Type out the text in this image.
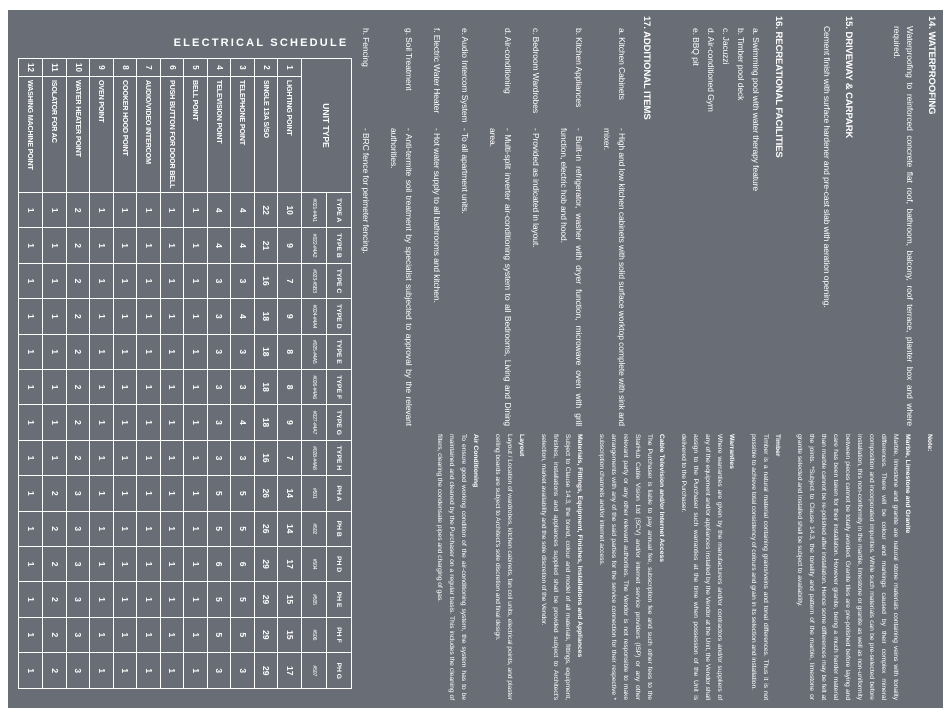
14. WATERPROOFING
Waterproofing to reinforced concrete flat roof, bathroom, balcony, roof terrace, planter box and where required.
15. DRIVEWAY & CARPARK
Cement finish with surface hardener and pre-cast slab with aeration opening.
16. RECREATIONAL FACILITIES
a. Swimming pool with water therapy feature
b. Timber pool deck
c. Jacuzzi
d. Air-conditioned Gym
e. BBQ pit
17. ADDITIONAL ITEMS
a. Kitchen Cabinets
- High and low kitchen cabinets with solid surface worktop complete with sink and mixer.
b. Kitchen Appliances
- Built-in refrigerator, washer with dryer function, microwave oven with grill function, electric hob and hood.
c. Bedroom Wardrobes
- Provided as indicated in layout.
d. Air-conditioning
- Multi-split inverter air-conditioning system to all Bedrooms, Living and Dining area.
e. Audio Intercom System
- To all apartment units.
f. Electric Water Heater
- Hot water supply to all bathrooms and kitchen.
g. Soil Treatment
- Anti-termite soil treatment by specialist subjected to approval by the relevant authorities.
h. Fencing
- BRC fence for perimeter fencing.
Note:
Marble, Limestone and Granite
Marble, limestone and granite are natural stone materials containing veins with tonality differences. There will be colour and markings caused by their complex mineral composition and incorporated impurities. While such materials can be pre-selected before installation, this non-conformity in the marble, limestone or granite as well as non-uniformity between pieces cannot be totally avoided. Granite tiles are pre-polished before laying and care has been taken for their installation. However granite, being a much harder material than marble cannot be re-polished after installation. Hence some differences may be felt at the joints. *Subject to Clause 14.3, the tonality and pattern of the marble, limestone or granite selected and installed shall be subject to availability.
Timber
Timber is a natural material containing grains/veins and tonal differences. Thus it is not possible to achieve total consistency of colours and grain in its selection and installation.
Warranties
Where warranties are given by the manufacturers and/or contractors and/or suppliers of any of the equipment and/or appliances installed by the Vendor at the Unit, the Vendor shall assign to the Purchaser such warranties at the time when possession of the Unit is delivered to the Purchaser.
Cable Television and/or Internet Access
The Purchaser is liable to pay annual fee, subscription fee and such other fees to the StarHub Cable Vision Ltd (SCV) and/or internet service providers (ISP) or any other relevant party or any other relevant authorities. The Vendor is not responsible to make arrangements with any of the said parties for the service connection for their respective * subscription channels and/or internet access.
Materials, Fittings, Equipment, Finishes, Installations and Appliances
Subject to Clause 14.3, the brand, colour and model of all materials, fittings, equipment, finishes, installations and appliances supplied shall be provided subject to Architect's selection, market availability and the sole discretion of the Vendor.
Layout
Layout / Location of wardrobes, kitchen cabinets, fan coil units, electrical points, and plaster ceiling boards are subject to Architect's sole discretion and final design.
Air Conditioning
To ensure good working condition of the air-conditioning system, the system has to be maintained and cleaned by the Purchaser on a regular basis. This includes the cleaning of filters, clearing the condensate pipes and charging of gas.
ELECTRICAL SCHEDULE
UNIT TYPE
TYPE A
#021-#4A1
TYPE B
#022-#4A2
TYPE C
#023-#5B3
TYPE D
#024-#4A4
TYPE E
#025-#4A5
TYPE F
#026-#4A6
TYPE G
#027-#4A7
TYPE H
#028-#4A8
PH A
#501
PH B
#502
PH D
#504
PH E
#505
PH F
#506
PH G
#507
1
LIGHTING POINT
10
9
7
9
8
8
9
7
14
14
17
15
15
17
2
SINGLE 13A S/SO
22
21
16
18
18
18
18
16
26
26
29
29
29
29
3
TELEPHONE POINT
4
4
3
4
3
3
4
3
5
5
6
5
5
3
4
TELEVISION POINT
4
4
3
3
3
3
3
3
5
5
6
5
5
3
5
BELL POINT
1
1
1
1
1
1
1
1
1
1
1
1
1
1
6
PUSH BUTTON FOR DOOR BELL
1
1
1
1
1
1
1
1
1
1
1
1
1
1
7
AUDIO/VIDEO INTERCOM
1
1
1
1
1
1
1
1
1
1
1
1
1
1
8
COOKER HOOD POINT
1
1
1
1
1
1
1
1
1
1
1
1
1
1
9
OVEN POINT
1
1
1
1
1
1
1
1
1
1
1
1
1
1
10
WATER HEATER POINT
2
2
2
2
2
2
2
2
3
3
3
3
3
3
11
ISOLATOR FOR AC
1
1
1
1
1
1
1
1
2
2
2
2
2
2
12
WASHING MACHINE POINT
1
1
1
1
1
1
1
1
1
1
1
1
1
1
